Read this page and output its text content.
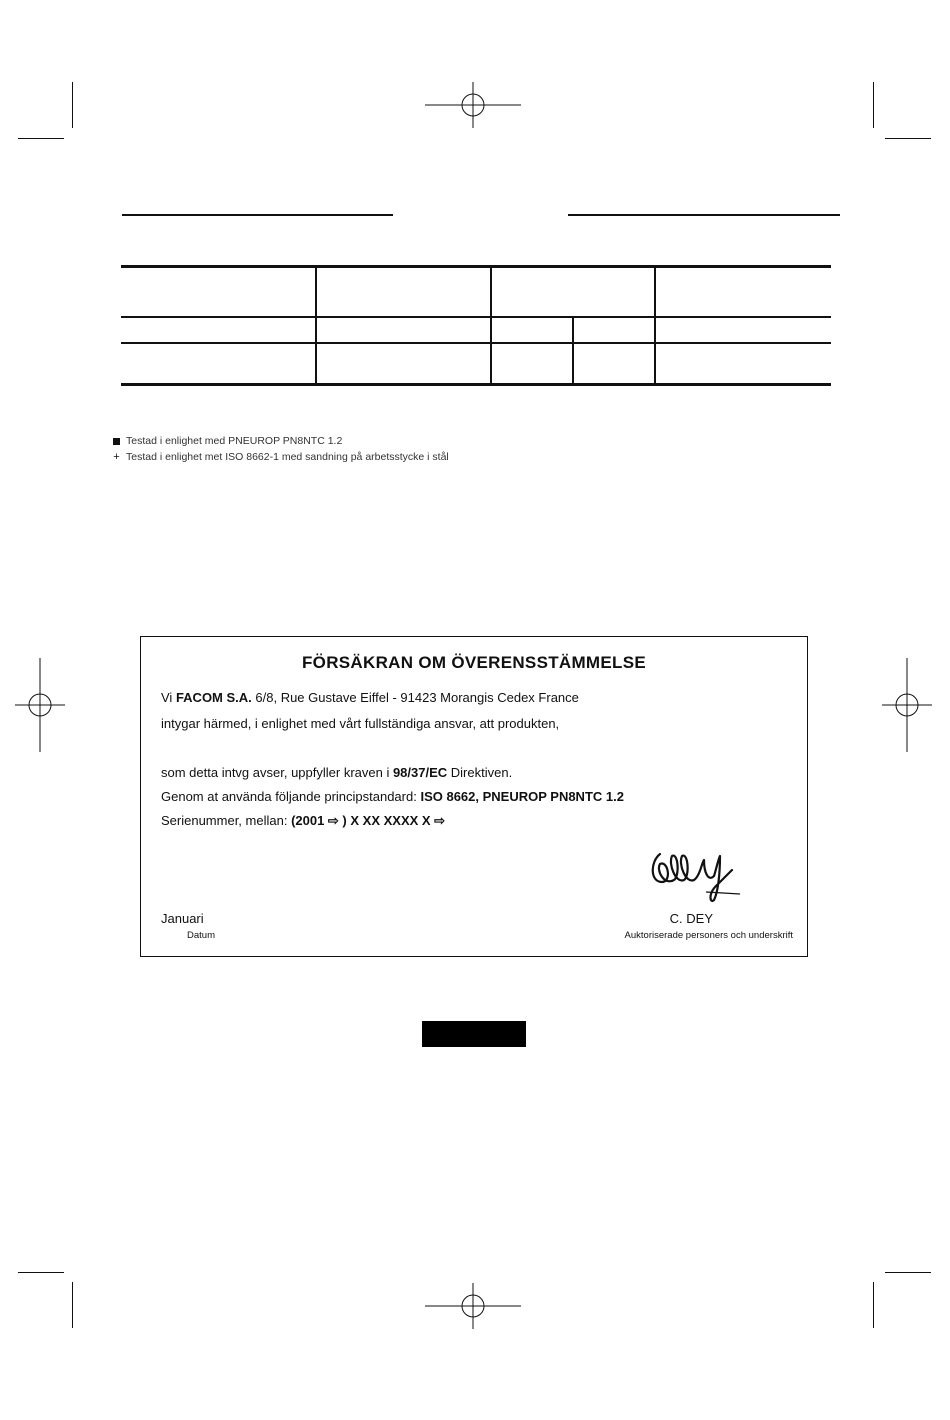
Testad i enlighet med PNEUROP PN8NTC 1.2
+ Testad i enlighet met ISO 8662-1 med sandning på arbetsstycke i stål
FÖRSÄKRAN OM ÖVERENSSTÄMMELSE
Vi FACOM S.A. 6/8, Rue Gustave Eiffel - 91423 Morangis Cedex France
intygar härmed, i enlighet med vårt fullständiga ansvar, att produkten,
som detta intvg avser, uppfyller kraven i 98/37/EC Direktiven.
Genom at använda följande principstandard: ISO 8662, PNEUROP PN8NTC 1.2
Serienummer, mellan: (2001 ⇨ ) X XX XXXX X ⇨
Januari
Datum
C. DEY
Auktoriserade personers och underskrift
